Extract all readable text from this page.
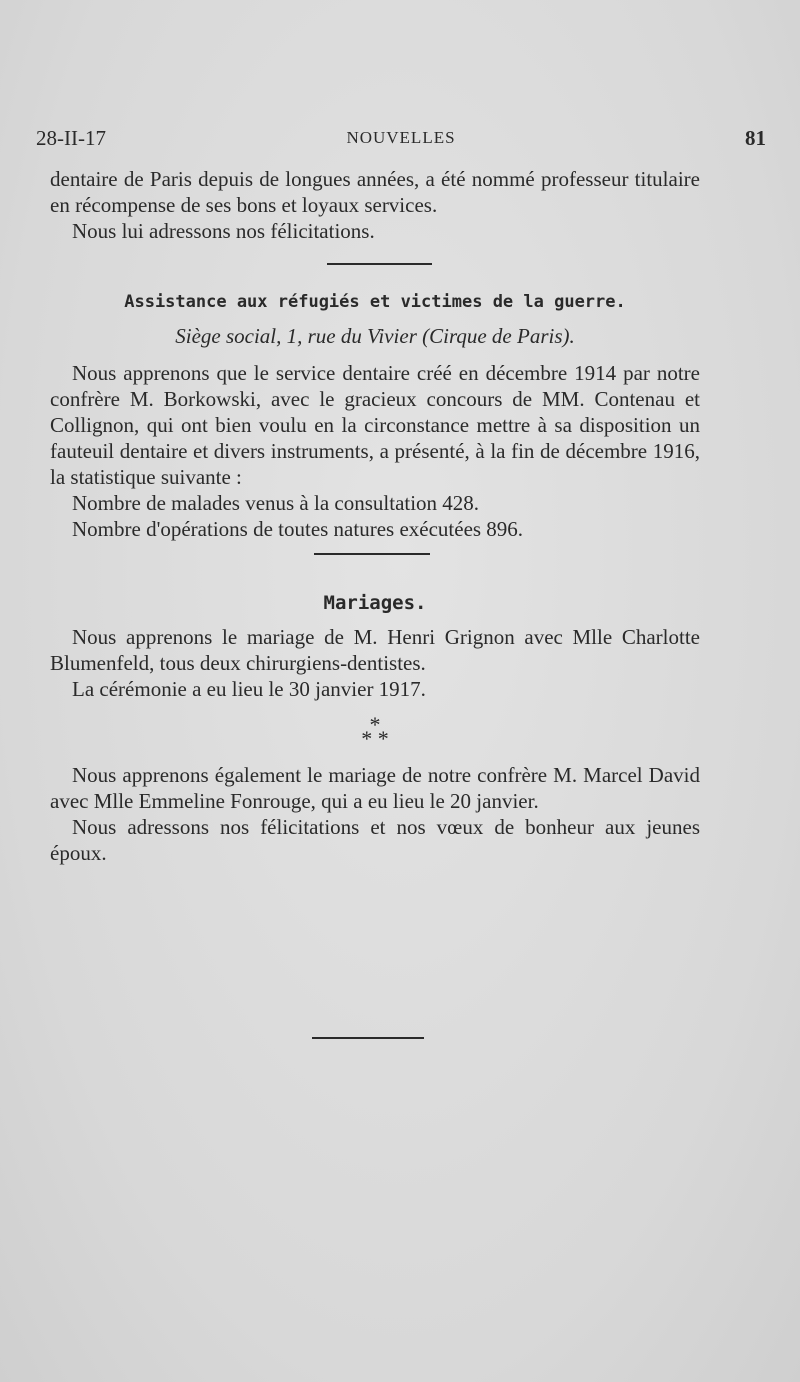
28-II-17	NOUVELLES	81

dentaire de Paris depuis de longues années, a été nommé professeur titulaire en récompense de ses bons et loyaux services.

Nous lui adressons nos félicitations.

Assistance aux réfugiés et victimes de la guerre.
Siège social, 1, rue du Vivier (Cirque de Paris).

Nous apprenons que le service dentaire créé en décembre 1914 par notre confrère M. Borkowski, avec le gracieux concours de MM. Contenau et Collignon, qui ont bien voulu en la circonstance mettre à sa disposition un fauteuil dentaire et divers instruments, a présenté, à la fin de décembre 1916, la statistique suivante :

Nombre de malades venus à la consultation 428.

Nombre d'opérations de toutes natures exécutées 896.

Mariages.

Nous apprenons le mariage de M. Henri Grignon avec Mlle Charlotte Blumenfeld, tous deux chirurgiens-dentistes.

La cérémonie a eu lieu le 30 janvier 1917.

*
* *

Nous apprenons également le mariage de notre confrère M. Marcel David avec Mlle Emmeline Fonrouge, qui a eu lieu le 20 janvier.

Nous adressons nos félicitations et nos vœux de bonheur aux jeunes époux.
